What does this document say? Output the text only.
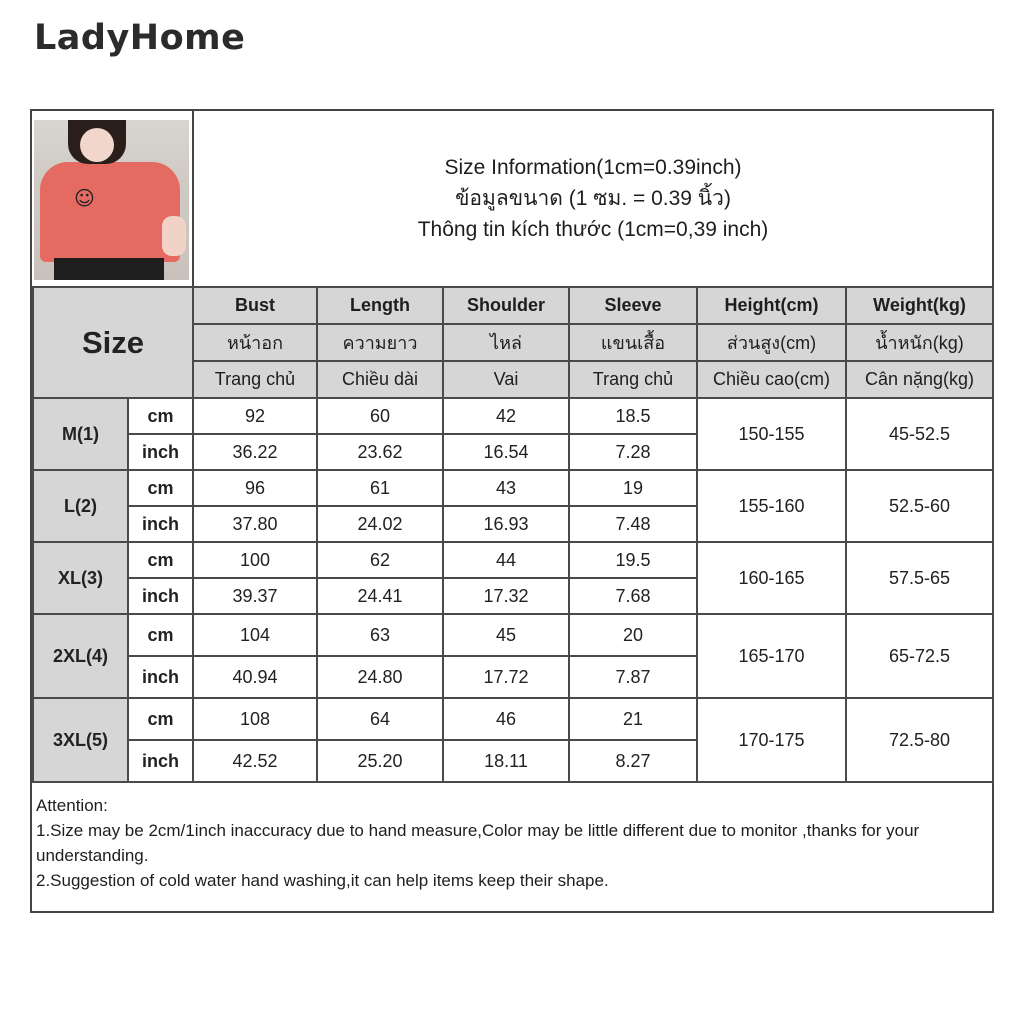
LadyHome
☺
Size Information(1cm=0.39inch)
ข้อมูลขนาด (1 ซม. = 0.39 นิ้ว)
Thông tin kích thước (1cm=0,39 inch)
Size		Bust	Length	Shoulder	Sleeve	Height(cm)	Weight(kg)
		หน้าอก	ความยาว	ไหล่	แขนเสื้อ	ส่วนสูง(cm)	น้ำหนัก(kg)
		Trang chủ	Chiều dài	Vai	Trang chủ	Chiều cao(cm)	Cân nặng(kg)
M(1)	cm	92	60	42	18.5	150-155	45-52.5
	inch	36.22	23.62	16.54	7.28		
L(2)	cm	96	61	43	19	155-160	52.5-60
	inch	37.80	24.02	16.93	7.48		
XL(3)	cm	100	62	44	19.5	160-165	57.5-65
	inch	39.37	24.41	17.32	7.68		
2XL(4)	cm	104	63	45	20	165-170	65-72.5
	inch	40.94	24.80	17.72	7.87		
3XL(5)	cm	108	64	46	21	170-175	72.5-80
	inch	42.52	25.20	18.11	8.27		

Attention:

1.Size may be 2cm/1inch inaccuracy due to hand measure,Color may be little different due to monitor ,thanks for your understanding.

2.Suggestion of cold water hand washing,it can help items keep their shape.
